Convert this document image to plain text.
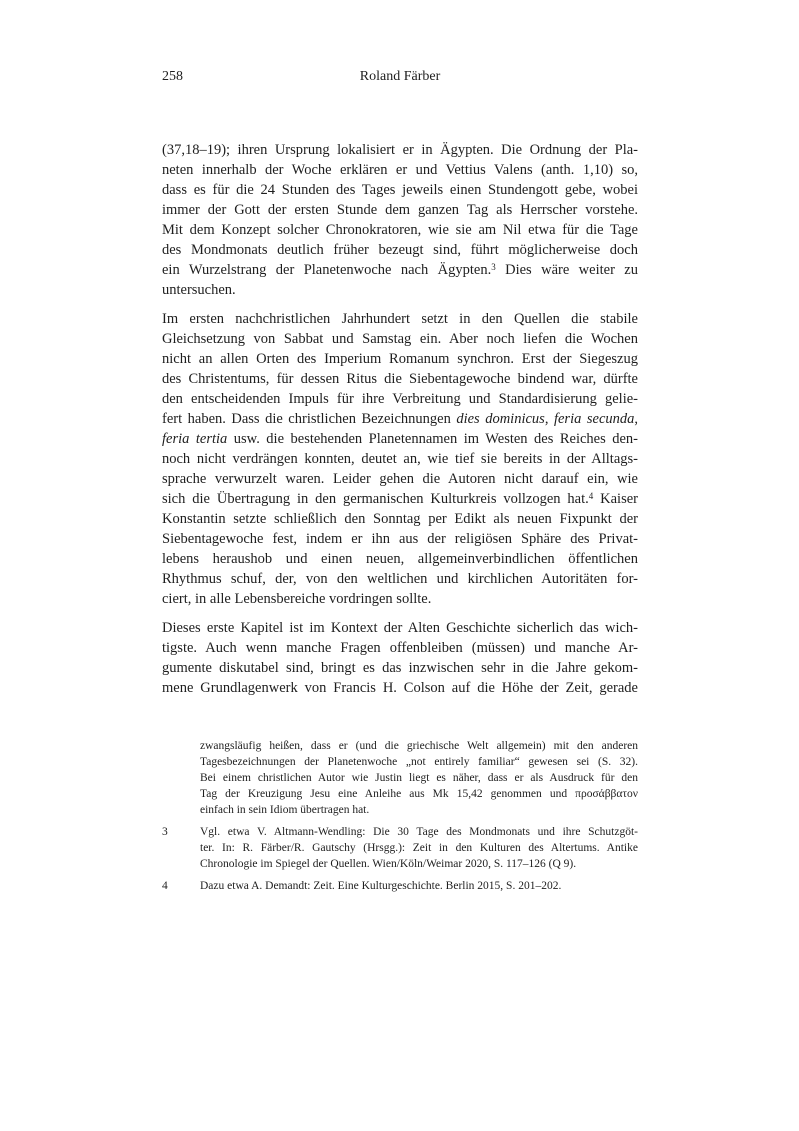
258	Roland Färber
(37,18–19); ihren Ursprung lokalisiert er in Ägypten. Die Ordnung der Pla-
neten innerhalb der Woche erklären er und Vettius Valens (anth. 1,10) so,
dass es für die 24 Stunden des Tages jeweils einen Stundengott gebe, wobei
immer der Gott der ersten Stunde dem ganzen Tag als Herrscher vorstehe.
Mit dem Konzept solcher Chronokratoren, wie sie am Nil etwa für die Tage
des Mondmonats deutlich früher bezeugt sind, führt möglicherweise doch
ein Wurzelstrang der Planetenwoche nach Ägypten.$^3$ Dies wäre weiter zu
untersuchen.
Im ersten nachchristlichen Jahrhundert setzt in den Quellen die stabile
Gleichsetzung von Sabbat und Samstag ein. Aber noch liefen die Wochen
nicht an allen Orten des Imperium Romanum synchron. Erst der Siegeszug
des Christentums, für dessen Ritus die Siebentagewoche bindend war, dürfte
den entscheidenden Impuls für ihre Verbreitung und Standardisierung gelie-
fert haben. Dass die christlichen Bezeichnungen dies dominicus, feria secunda,
feria tertia usw. die bestehenden Planetennamen im Westen des Reiches den-
noch nicht verdrängen konnten, deutet an, wie tief sie bereits in der Alltags-
sprache verwurzelt waren. Leider gehen die Autoren nicht darauf ein, wie
sich die Übertragung in den germanischen Kulturkreis vollzogen hat.$^4$ Kaiser
Konstantin setzte schließlich den Sonntag per Edikt als neuen Fixpunkt der
Siebentagewoche fest, indem er ihn aus der religiösen Sphäre des Privat-
lebens heraushob und einen neuen, allgemeinverbindlichen öffentlichen
Rhythmus schuf, der, von den weltlichen und kirchlichen Autoritäten for-
ciert, in alle Lebensbereiche vordringen sollte.
Dieses erste Kapitel ist im Kontext der Alten Geschichte sicherlich das wich-
tigste. Auch wenn manche Fragen offenbleiben (müssen) und manche Ar-
gumente diskutabel sind, bringt es das inzwischen sehr in die Jahre gekom-
mene Grundlagenwerk von Francis H. Colson auf die Höhe der Zeit, gerade
zwangsläufig heißen, dass er (und die griechische Welt allgemein) mit den anderen
Tagesbezeichnungen der Planetenwoche „not entirely familiar“ gewesen sei (S. 32).
Bei einem christlichen Autor wie Justin liegt es näher, dass er als Ausdruck für den
Tag der Kreuzigung Jesu eine Anleihe aus Mk 15,42 genommen und προσάββατον
einfach in sein Idiom übertragen hat.
3	Vgl. etwa V. Altmann-Wendling: Die 30 Tage des Mondmonats und ihre Schutzgöt-
ter. In: R. Färber/R. Gautschy (Hrsgg.): Zeit in den Kulturen des Altertums. Antike
Chronologie im Spiegel der Quellen. Wien/Köln/Weimar 2020, S. 117–126 (Q 9).
4	Dazu etwa A. Demandt: Zeit. Eine Kulturgeschichte. Berlin 2015, S. 201–202.
